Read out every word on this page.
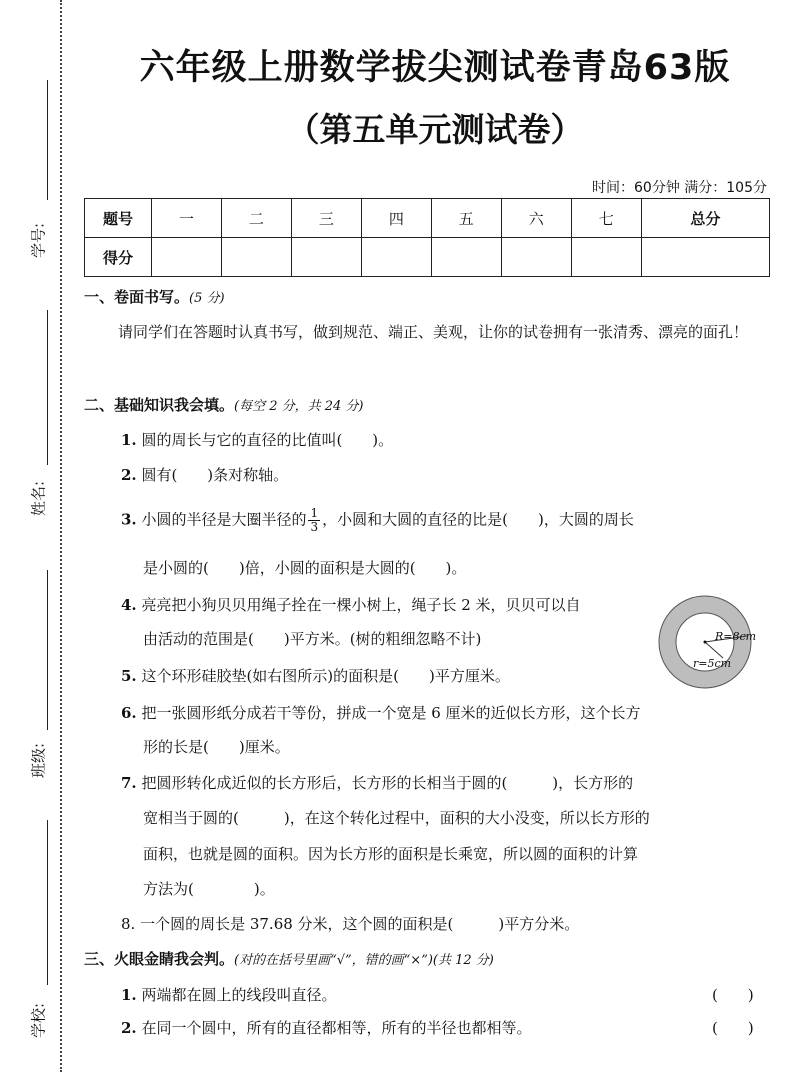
学号:
姓名:
班级:
学校:
六年级上册数学拔尖测试卷青岛63版
（第五单元测试卷）
时间：60分钟 满分：105分
题号	一	二	三	四	五	六	七	总分
得分								
一、卷面书写。(5 分)
请同学们在答题时认真书写，做到规范、端正、美观，让你的试卷拥有一张清秀、漂亮的面孔！
二、基础知识我会填。(每空 2 分，共 24 分)
1. 圆的周长与它的直径的比值叫(　　)。
2. 圆有(　　)条对称轴。
3. 小圆的半径是大圈半径的 $\frac{1}{3}$ ，小圆和大圆的直径的比是(　　)，大圆的周长
是小圆的(　　)倍，小圆的面积是大圆的(　　)。
4. 亮亮把小狗贝贝用绳子拴在一棵小树上，绳子长 2 米，贝贝可以自
由活动的范围是(　　)平方米。(树的粗细忽略不计)
5. 这个环形硅胶垫(如右图所示)的面积是(　　)平方厘米。
R=8cm
r=5cm
6. 把一张圆形纸分成若干等份，拼成一个宽是 6 厘米的近似长方形，这个长方
形的长是(　　)厘米。
7. 把圆形转化成近似的长方形后，长方形的长相当于圆的(　　　)，长方形的
宽相当于圆的(　　　)，在这个转化过程中，面积的大小没变，所以长方形的
面积，也就是圆的面积。因为长方形的面积是长乘宽，所以圆的面积的计算
方法为(　　　　)。
8. 一个圆的周长是 37.68 分米，这个圆的面积是(　　　)平方分米。
三、火眼金睛我会判。(对的在括号里画“√”，错的画“×”)(共 12 分)
1. 两端都在圆上的线段叫直径。	(　　)
2. 在同一个圆中，所有的直径都相等，所有的半径也都相等。	(　　)
